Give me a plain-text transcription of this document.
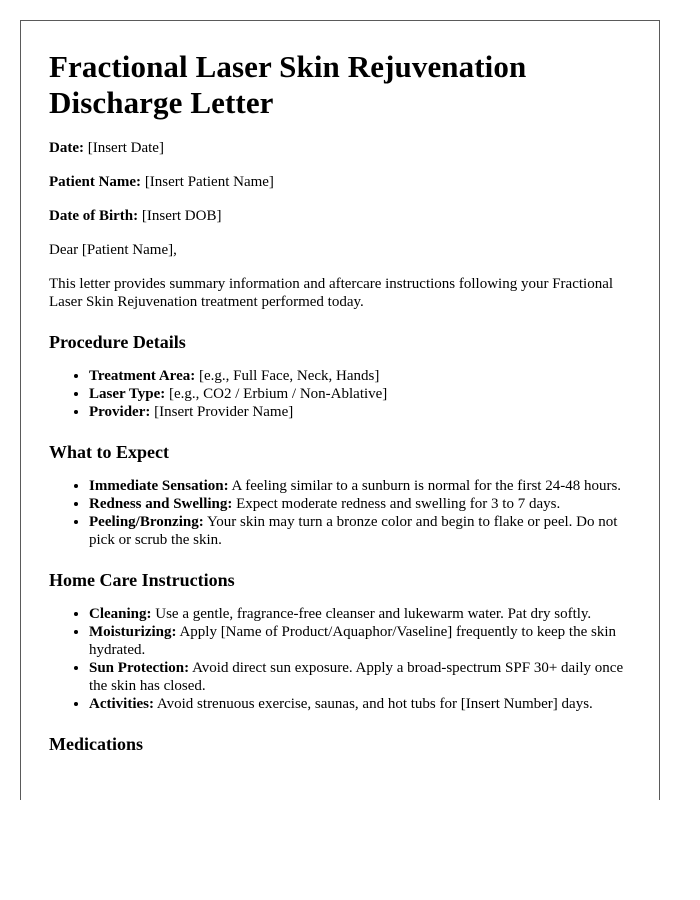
Fractional Laser Skin Rejuvenation Discharge Letter

Date: [Insert Date]

Patient Name: [Insert Patient Name]

Date of Birth: [Insert DOB]

Dear [Patient Name],

This letter provides summary information and aftercare instructions following your Fractional Laser Skin Rejuvenation treatment performed today.

Procedure Details
• Treatment Area: [e.g., Full Face, Neck, Hands]
• Laser Type: [e.g., CO2 / Erbium / Non-Ablative]
• Provider: [Insert Provider Name]
What to Expect
• Immediate Sensation: A feeling similar to a sunburn is normal for the first 24-48 hours.
• Redness and Swelling: Expect moderate redness and swelling for 3 to 7 days.
• Peeling/Bronzing: Your skin may turn a bronze color and begin to flake or peel. Do not pick or scrub the skin.
Home Care Instructions
• Cleaning: Use a gentle, fragrance-free cleanser and lukewarm water. Pat dry softly.
• Moisturizing: Apply [Name of Product/Aquaphor/Vaseline] frequently to keep the skin hydrated.
• Sun Protection: Avoid direct sun exposure. Apply a broad-spectrum SPF 30+ daily once the skin has closed.
• Activities: Avoid strenuous exercise, saunas, and hot tubs for [Insert Number] days.
Medications
